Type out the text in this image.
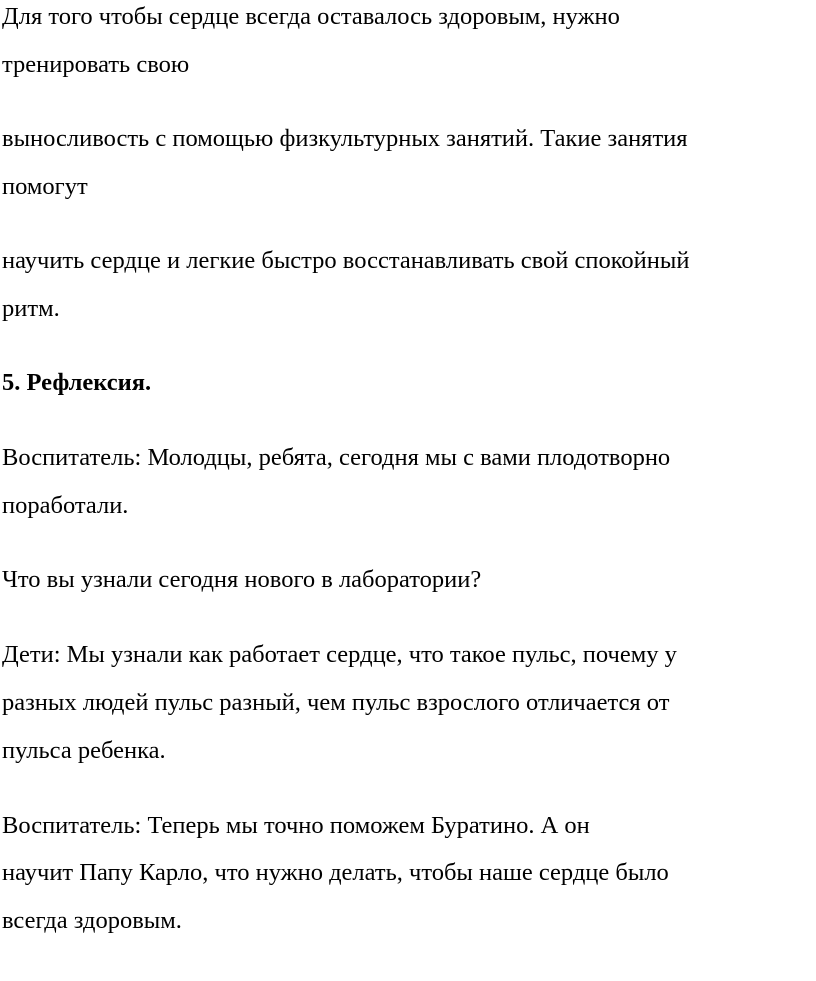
Для того чтобы сердце всегда оставалось здоровым, нужно
тренировать свою
выносливость с помощью физкультурных занятий. Такие занятия
помогут
научить сердце и легкие быстро восстанавливать свой спокойный
ритм.
5. Рефлексия.
Воспитатель: Молодцы, ребята, сегодня мы с вами плодотворно
поработали.
Что вы узнали сегодня нового в лаборатории?
Дети: Мы узнали как работает сердце, что такое пульс, почему у
разных людей пульс разный, чем пульс взрослого отличается от
пульса ребенка.
Воспитатель: Теперь мы точно поможем Буратино. А он
научит Папу Карло, что нужно делать, чтобы наше сердце было
всегда здоровым.
